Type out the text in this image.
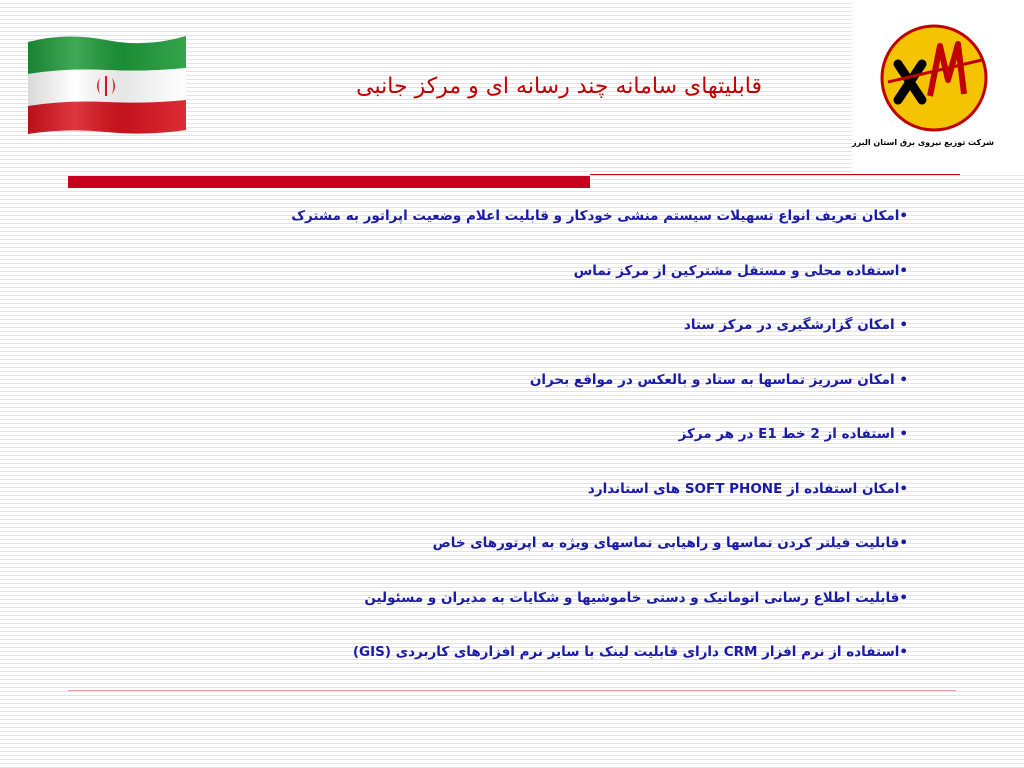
قابلیتهای سامانه چند رسانه ای و مرکز جانبی
شرکت توزیع نیروی برق استان البرز
•امکان تعریف انواع تسهیلات سیستم منشی خودکار و قابلیت اعلام وضعیت اپراتور به مشترک
•استفاده محلی و مستقل مشترکین از مرکز تماس
• امکان گزارشگیری در مرکز ستاد
• امکان سرریز تماسها به ستاد و بالعکس در مواقع بحران
• استفاده از 2 خط E1 در هر مرکز
•امکان استفاده از SOFT PHONE های استاندارد
•قابلیت فیلتر کردن تماسها و راهیابی تماسهای ویژه به اپرتورهای خاص
•قابلیت اطلاع رسانی اتوماتیک و دستی خاموشیها و شکایات به مدیران و مسئولین
•استفاده از نرم افزار CRM دارای قابلیت لینک با سایر نرم افزارهای کاربردی (GIS)
